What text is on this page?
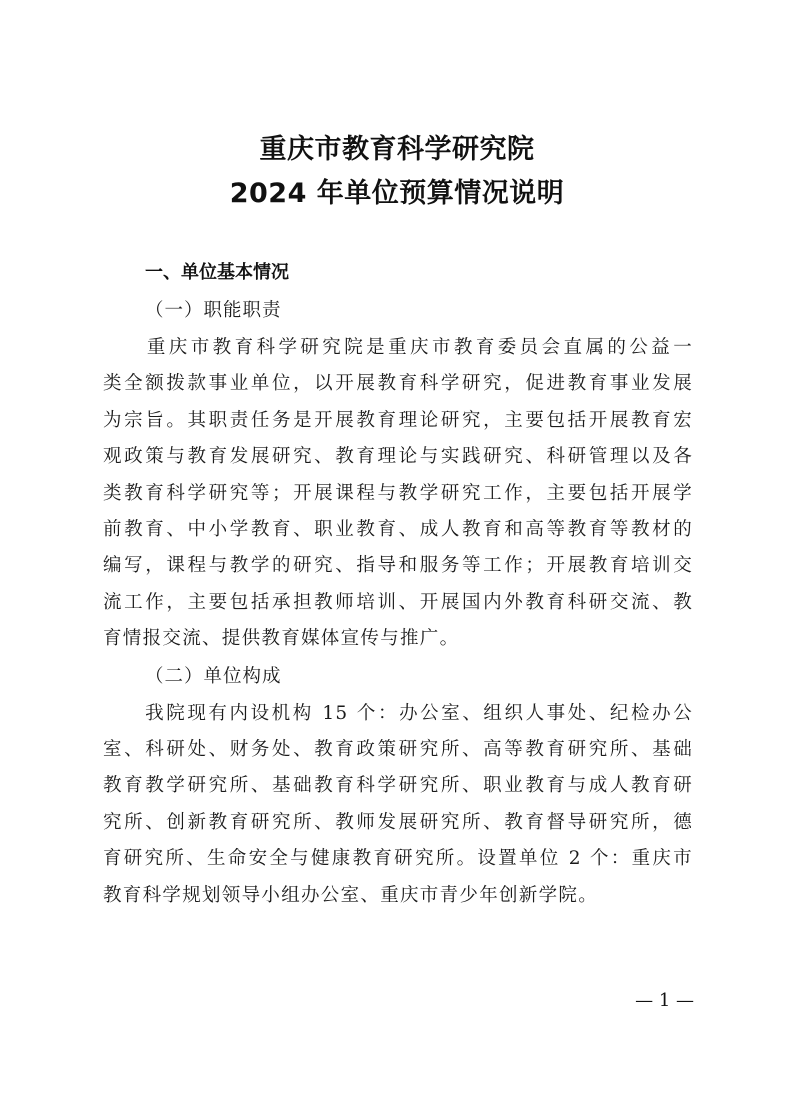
重庆市教育科学研究院
2024 年单位预算情况说明
一、单位基本情况
（一）职能职责
　　重庆市教育科学研究院是重庆市教育委员会直属的公益一
类全额拨款事业单位，以开展教育科学研究，促进教育事业发展
为宗旨。其职责任务是开展教育理论研究，主要包括开展教育宏
观政策与教育发展研究、教育理论与实践研究、科研管理以及各
类教育科学研究等；开展课程与教学研究工作，主要包括开展学
前教育、中小学教育、职业教育、成人教育和高等教育等教材的
编写，课程与教学的研究、指导和服务等工作；开展教育培训交
流工作，主要包括承担教师培训、开展国内外教育科研交流、教
育情报交流、提供教育媒体宣传与推广。
（二）单位构成
　　我院现有内设机构 15 个：办公室、组织人事处、纪检办公
室、科研处、财务处、教育政策研究所、高等教育研究所、基础
教育教学研究所、基础教育科学研究所、职业教育与成人教育研
究所、创新教育研究所、教师发展研究所、教育督导研究所，德
育研究所、生命安全与健康教育研究所。设置单位 2 个：重庆市
教育科学规划领导小组办公室、重庆市青少年创新学院。
— 1 —
